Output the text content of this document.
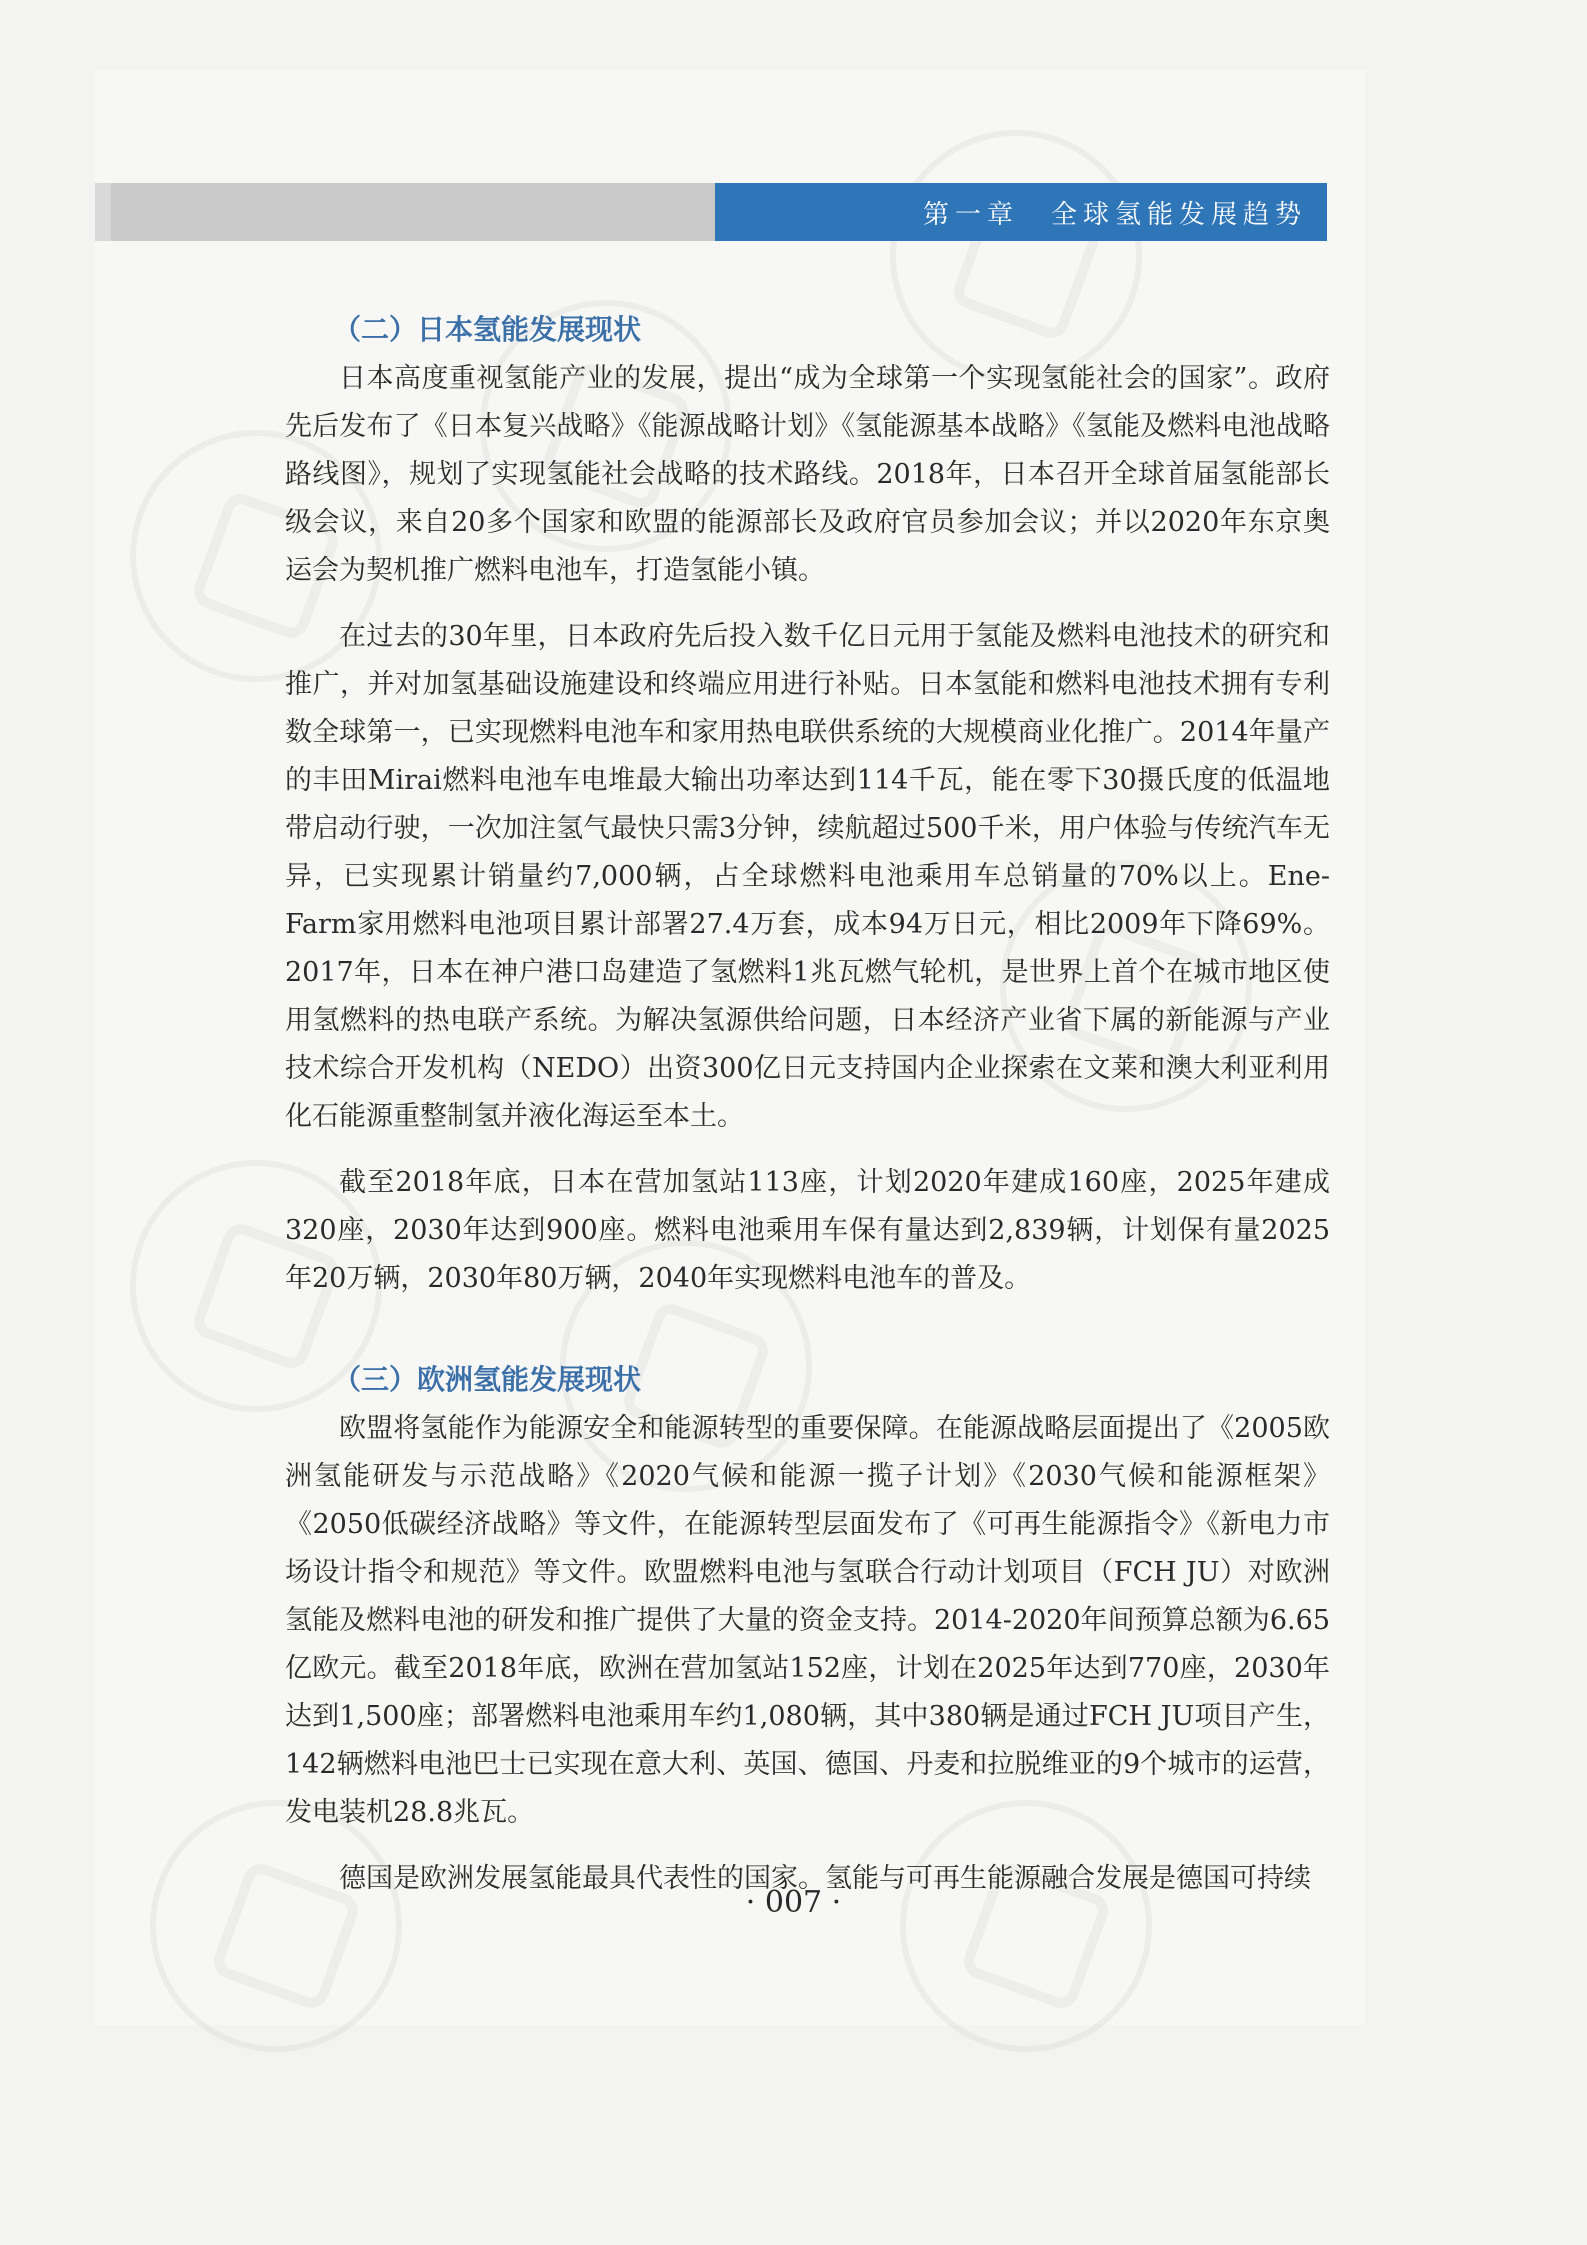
第一章 全球氢能发展趋势
（二）日本氢能发展现状

日本高度重视氢能产业的发展，提出“成为全球第一个实现氢能社会的国家”。政府先后发布了《日本复兴战略》《能源战略计划》《氢能源基本战略》《氢能及燃料电池战略路线图》，规划了实现氢能社会战略的技术路线。2018年，日本召开全球首届氢能部长级会议，来自20多个国家和欧盟的能源部长及政府官员参加会议；并以2020年东京奥运会为契机推广燃料电池车，打造氢能小镇。

在过去的30年里，日本政府先后投入数千亿日元用于氢能及燃料电池技术的研究和推广，并对加氢基础设施建设和终端应用进行补贴。日本氢能和燃料电池技术拥有专利数全球第一，已实现燃料电池车和家用热电联供系统的大规模商业化推广。2014年量产的丰田Mirai燃料电池车电堆最大输出功率达到114千瓦，能在零下30摄氏度的低温地带启动行驶，一次加注氢气最快只需3分钟，续航超过500千米，用户体验与传统汽车无异，已实现累计销量约7,000辆，占全球燃料电池乘用车总销量的70%以上。Ene-Farm家用燃料电池项目累计部署27.4万套，成本94万日元，相比2009年下降69%。2017年，日本在神户港口岛建造了氢燃料1兆瓦燃气轮机，是世界上首个在城市地区使用氢燃料的热电联产系统。为解决氢源供给问题，日本经济产业省下属的新能源与产业技术综合开发机构（NEDO）出资300亿日元支持国内企业探索在文莱和澳大利亚利用化石能源重整制氢并液化海运至本土。

截至2018年底，日本在营加氢站113座，计划2020年建成160座，2025年建成320座，2030年达到900座。燃料电池乘用车保有量达到2,839辆，计划保有量2025年20万辆，2030年80万辆，2040年实现燃料电池车的普及。

（三）欧洲氢能发展现状

欧盟将氢能作为能源安全和能源转型的重要保障。在能源战略层面提出了《2005欧洲氢能研发与示范战略》《2020气候和能源一揽子计划》《2030气候和能源框架》《2050低碳经济战略》等文件，在能源转型层面发布了《可再生能源指令》《新电力市场设计指令和规范》等文件。欧盟燃料电池与氢联合行动计划项目（FCH JU）对欧洲氢能及燃料电池的研发和推广提供了大量的资金支持。2014-2020年间预算总额为6.65亿欧元。截至2018年底，欧洲在营加氢站152座，计划在2025年达到770座，2030年达到1,500座；部署燃料电池乘用车约1,080辆，其中380辆是通过FCH JU项目产生，142辆燃料电池巴士已实现在意大利、英国、德国、丹麦和拉脱维亚的9个城市的运营，发电装机28.8兆瓦。

德国是欧洲发展氢能最具代表性的国家。氢能与可再生能源融合发展是德国可持续

· 007 ·
